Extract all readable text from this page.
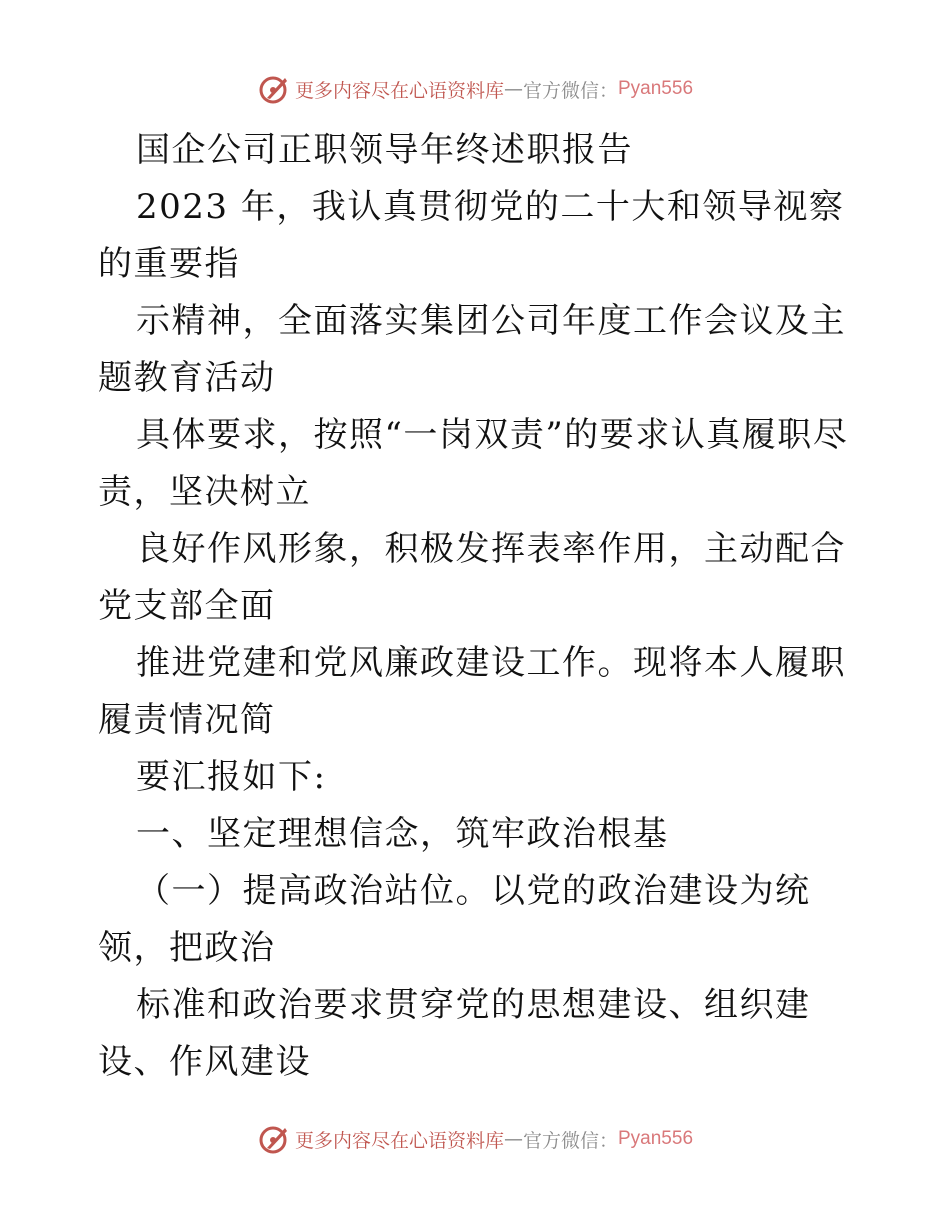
更多内容尽在心语资料库 — 官方微信： Pyan556

国企公司正职领导年终述职报告

2023 年，我认真贯彻党的二十大和领导视察的重要指

示精神，全面落实集团公司年度工作会议及主题教育活动

具体要求，按照“一岗双责”的要求认真履职尽责，坚决树立

良好作风形象，积极发挥表率作用，主动配合党支部全面

推进党建和党风廉政建设工作。现将本人履职履责情况简

要汇报如下:

一、坚定理想信念，筑牢政治根基

（一）提高政治站位。以党的政治建设为统领，把政治

标准和政治要求贯穿党的思想建设、组织建设、作风建设

更多内容尽在心语资料库 — 官方微信： Pyan556
